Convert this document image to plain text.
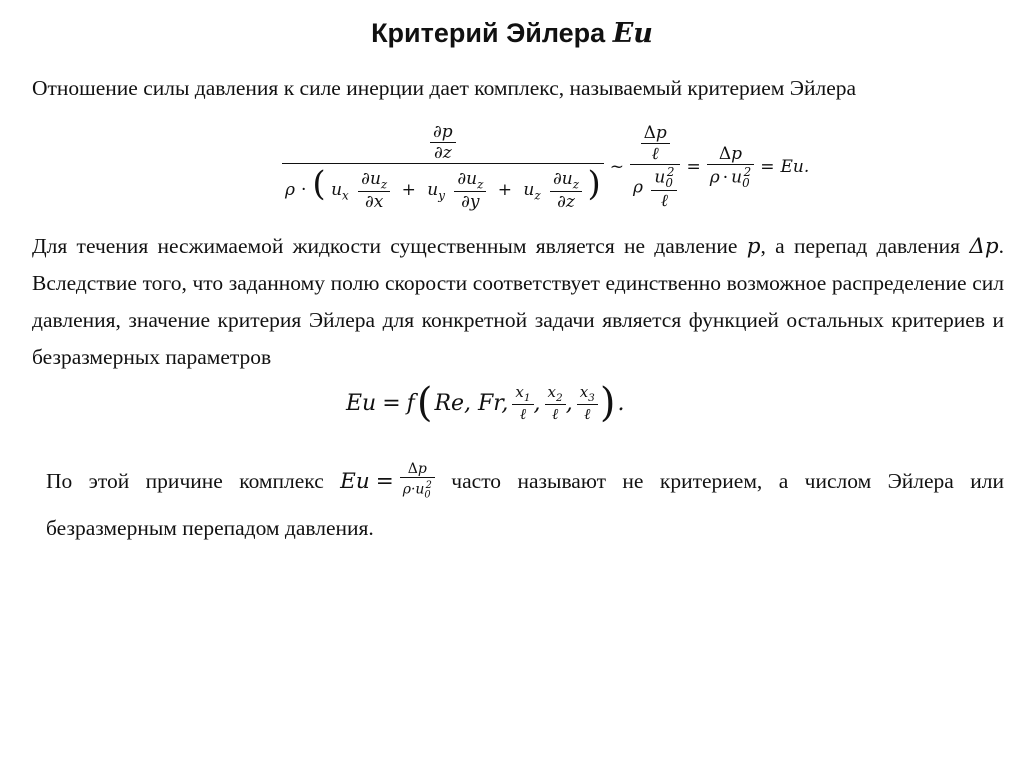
Критерий Эйлера Eu
Отношение силы давления к силе инерции дает комплекс, называемый критерием Эйлера
$\frac{\partial p}{\partial z}$
ρ · ( $u_x \frac{\partial u_z}{\partial x} + u_y \frac{\partial u_z}{\partial y} + u_z \frac{\partial u_z}{\partial z}$ ) ~ $\frac{\frac{\Delta p}{\text{ℓ}}}{\rho \frac{u_0^2}{\text{ℓ}}} = \frac{\Delta p}{\rho \cdot u_0^2} = Eu$.
Для течения несжимаемой жидкости существенным является не давление p, а перепад давления Δp. Вследствие того, что заданному полю скорости соответствует единственно возможное распределение сил давления, значение критерия Эйлера для конкретной задачи является функцией остальных критериев и безразмерных параметров
Eu = f ( Re, Fr, $\frac{x_1}{\text{ℓ}}$ , $\frac{x_2}{\text{ℓ}}$ , $\frac{x_3}{\text{ℓ}}$ ) .
По этой причине комплекс $Eu = \frac{\Delta p}{\rho\cdot u_0^2}$ часто называют не критерием, а числом Эйлера или безразмерным перепадом давления.
